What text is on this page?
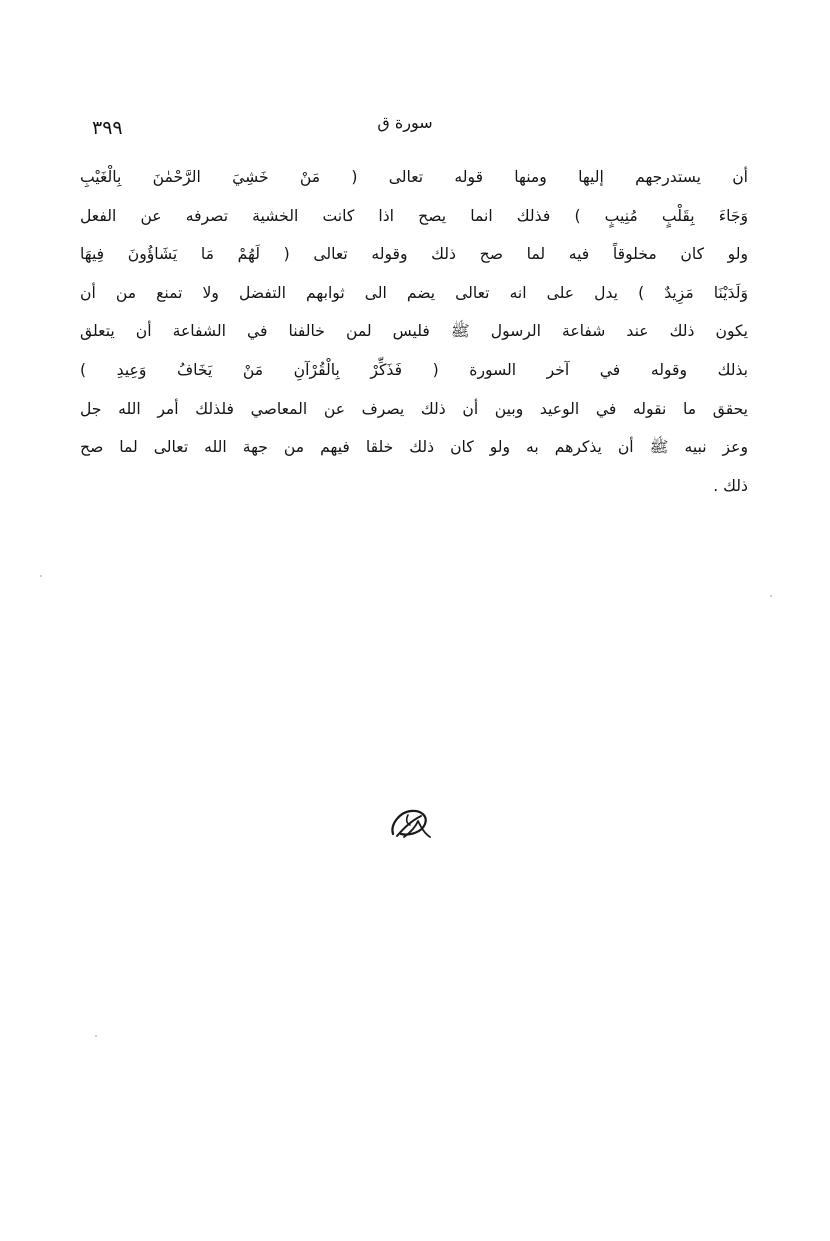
٣٩٩	سورة ق
أن يستدرجهم إليها ومنها قوله تعالى ( مَنْ خَشِيَ الرَّحْمٰنَ بِالْغَيْبِ
وَجَاءَ بِقَلْبٍ مُنِيبٍ ) فذلك انما يصح اذا كانت الخشية تصرفه عن الفعل
ولو كان مخلوقاً فيه لما صح ذلك وقوله تعالى ( لَهُمْ مَا يَشَاؤُونَ فِيهَا
وَلَدَيْنَا مَزِيدٌ ) يدل على انه تعالى يضم الى ثوابهم التفضل ولا تمنع من أن
يكون ذلك عند شفاعة الرسول ﷺ فليس لمن خالفنا في الشفاعة أن يتعلق
بذلك وقوله في آخر السورة ( فَذَكِّرْ بِالْقُرْآنِ مَنْ يَخَافُ وَعِيدِ )
يحقق ما نقوله في الوعيد وبين أن ذلك يصرف عن المعاصي فلذلك أمر الله جل
وعز نبيه ﷺ أن يذكرهم به ولو كان ذلك خلقا فيهم من جهة الله تعالى لما صح
ذلك .
